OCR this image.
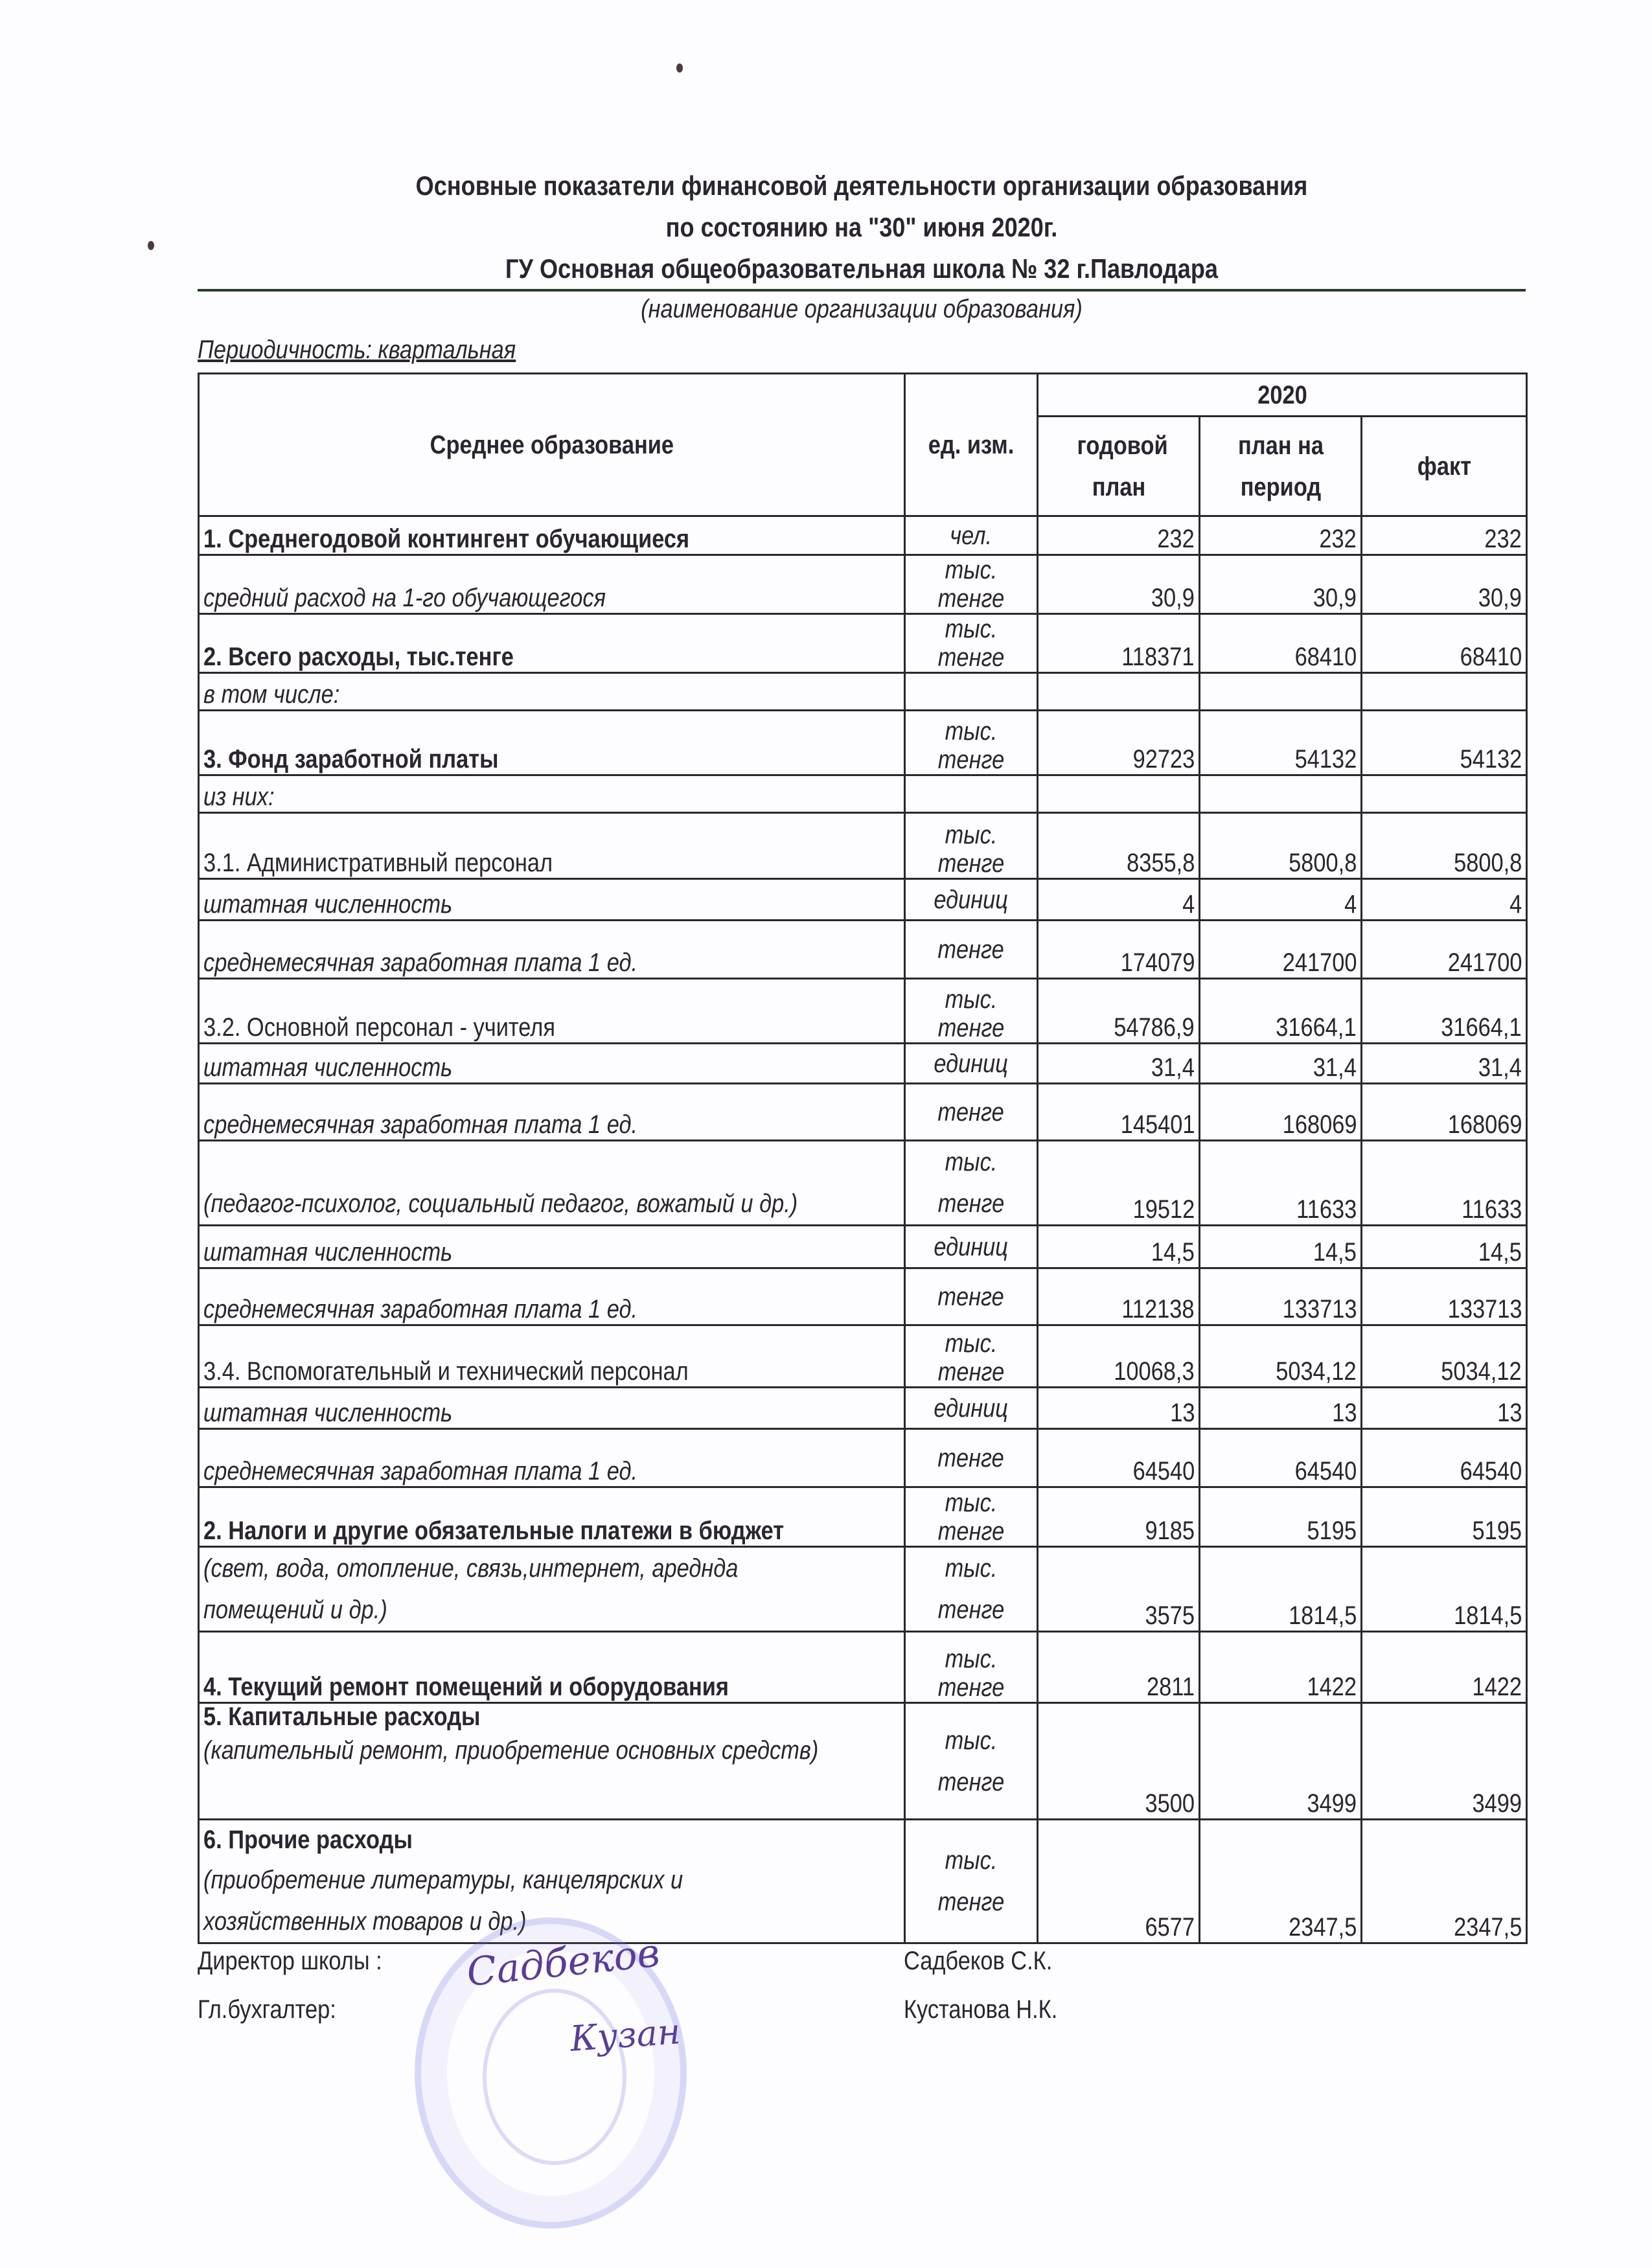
Основные показатели финансовой деятельности организации образования
по состоянию на "30" июня 2020г.
ГУ Основная общеобразовательная школа № 32 г.Павлодара
(наименование организации образования)
Периодичность: квартальная
Среднее образование	ед. изм.	2020		
		годовой план	план на период	факт
1. Среднегодовой контингент обучающиеся	чел.	232	232	232
средний расход на 1-го обучающегося	тыс. тенге	30,9	30,9	30,9
2. Всего расходы, тыс.тенге	тыс. тенге	118371	68410	68410
в том числе:				
3. Фонд заработной платы	тыс. тенге	92723	54132	54132
из них:				
3.1. Административный персонал	тыс. тенге	8355,8	5800,8	5800,8
штатная численность	единиц	4	4	4
среднемесячная заработная плата 1 ед.	тенге	174079	241700	241700
3.2. Основной персонал - учителя	тыс. тенге	54786,9	31664,1	31664,1
штатная численность	единиц	31,4	31,4	31,4
среднемесячная заработная плата 1 ед.	тенге	145401	168069	168069
(педагог-психолог, социальный педагог, вожатый и др.)	тыс. тенге	19512	11633	11633
штатная численность	единиц	14,5	14,5	14,5
среднемесячная заработная плата 1 ед.	тенге	112138	133713	133713
3.4. Вспомогательный и технический персонал	тыс. тенге	10068,3	5034,12	5034,12
штатная численность	единиц	13	13	13
среднемесячная заработная плата 1 ед.	тенге	64540	64540	64540
2. Налоги и другие обязательные платежи в бюджет	тыс. тенге	9185	5195	5195
(свет, вода, отопление, связь,интернет, ареднда помещений и др.)	тыс. тенге	3575	1814,5	1814,5
4. Текущий ремонт помещений и оборудования	тыс. тенге	2811	1422	1422

5. Капитальные расходы
(капительный ремонт, приобретение основных средств)	тыс. тенге	3500	3499	3499

6. Прочие расходы
(приобретение литературы, канцелярских и хозяйственных товаров и др.)	тыс. тенге	6577	2347,5	2347,5
Директор школы : Садбеков	Садбеков С.К.
Гл.бухгалтер:
Кузан
Кустанова Н.К.
